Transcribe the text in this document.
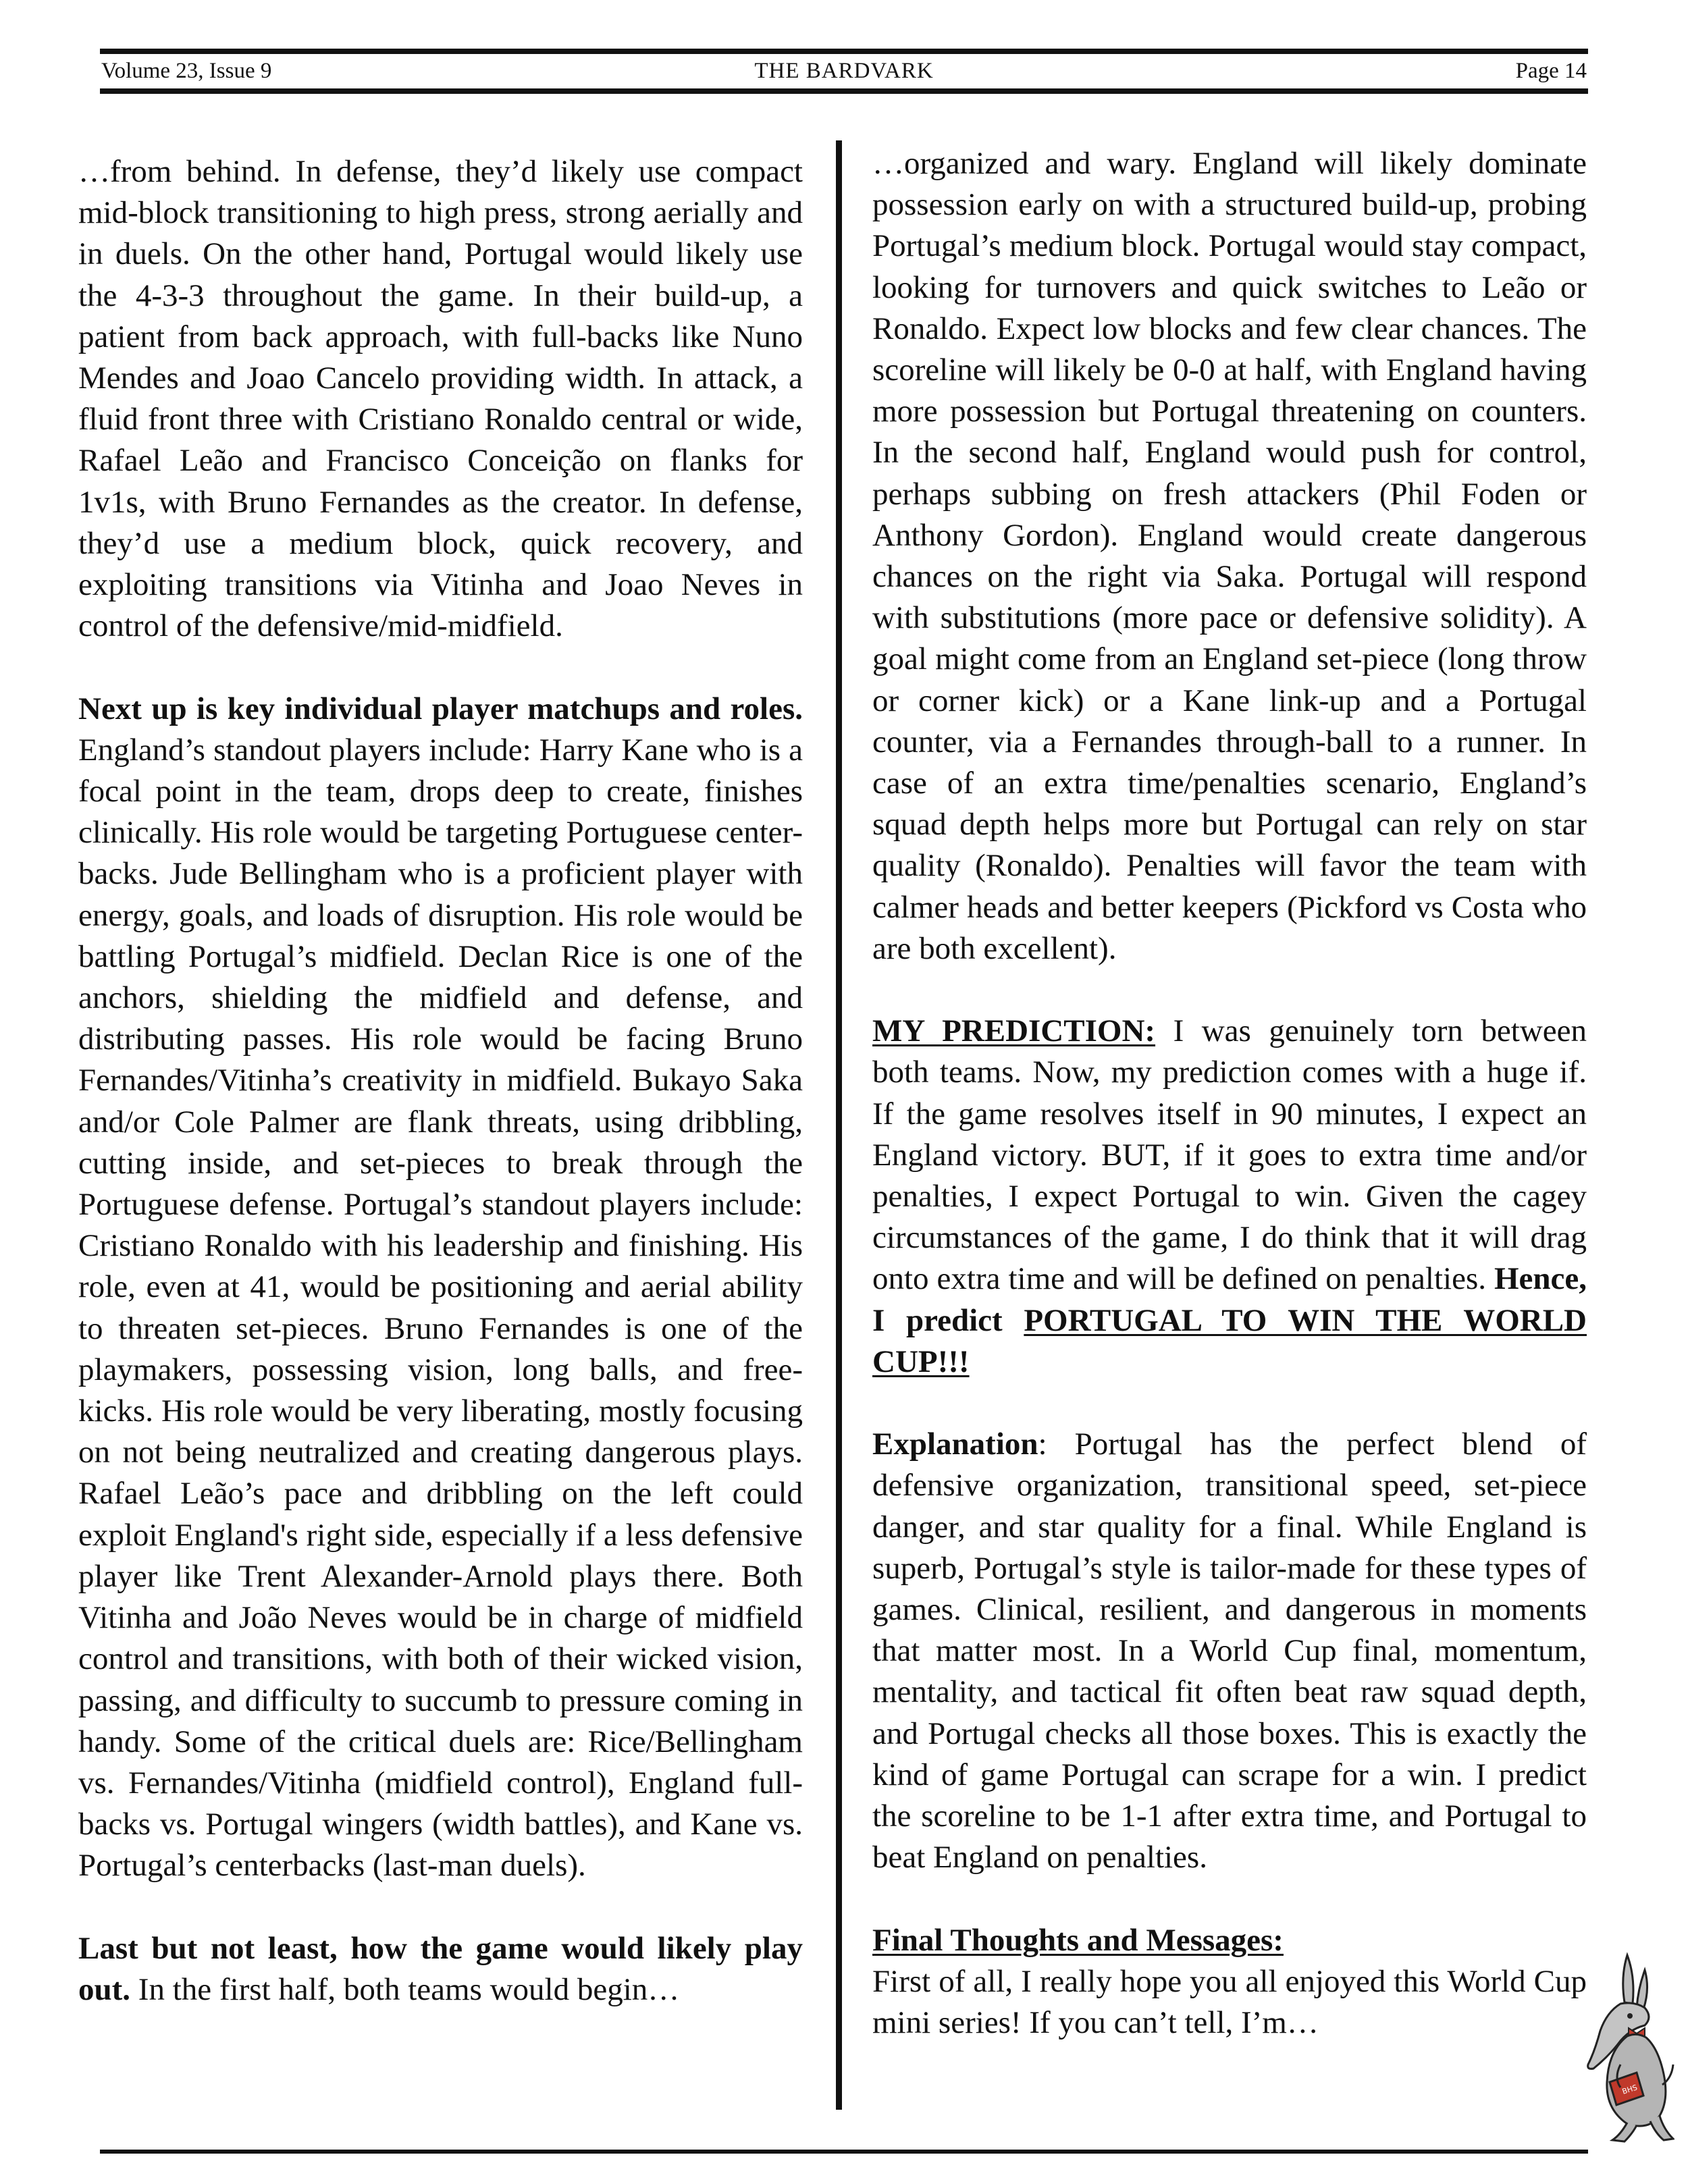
Volume 23, Issue 9	THE BARDVARK	Page 14

…from behind. In defense, they’d likely use compact mid-block transitioning to high press, strong aerially and in duels. On the other hand, Portugal would likely use the 4-3-3 throughout the game. In their build-up, a patient from back approach, with full-backs like Nuno Mendes and Joao Cancelo providing width. In attack, a fluid front three with Cristiano Ronaldo central or wide, Rafael Leão and Francisco Conceição on flanks for 1v1s, with Bruno Fernandes as the creator. In defense, they’d use a medium block, quick recovery, and exploiting transitions via Vitinha and Joao Neves in control of the defensive/mid-midfield.

Next up is key individual player matchups and roles. England’s standout players include: Harry Kane who is a focal point in the team, drops deep to create, finishes clinically. His role would be targeting Portuguese center-backs. Jude Bellingham who is a proficient player with energy, goals, and loads of disruption. His role would be battling Portugal’s midfield. Declan Rice is one of the anchors, shielding the midfield and defense, and distributing passes. His role would be facing Bruno Fernandes/Vitinha’s creativity in midfield. Bukayo Saka and/or Cole Palmer are flank threats, using dribbling, cutting inside, and set-pieces to break through the Portuguese defense. Portugal’s standout players include: Cristiano Ronaldo with his leadership and finishing. His role, even at 41, would be positioning and aerial ability to threaten set-pieces. Bruno Fernandes is one of the playmakers, possessing vision, long balls, and free-kicks. His role would be very liberating, mostly focusing on not being neutralized and creating dangerous plays. Rafael Leão’s pace and dribbling on the left could exploit England's right side, especially if a less defensive player like Trent Alexander-Arnold plays there. Both Vitinha and João Neves would be in charge of midfield control and transitions, with both of their wicked vision, passing, and difficulty to succumb to pressure coming in handy. Some of the critical duels are: Rice/Bellingham vs. Fernandes/Vitinha (midfield control), England full-backs vs. Portugal wingers (width battles), and Kane vs. Portugal’s centerbacks (last-man duels).

Last but not least, how the game would likely play out. In the first half, both teams would begin…

…organized and wary. England will likely dominate possession early on with a structured build-up, probing Portugal’s medium block. Portugal would stay compact, looking for turnovers and quick switches to Leão or Ronaldo. Expect low blocks and few clear chances. The scoreline will likely be 0-0 at half, with England having more possession but Portugal threatening on counters. In the second half, England would push for control, perhaps subbing on fresh attackers (Phil Foden or Anthony Gordon). England would create dangerous chances on the right via Saka. Portugal will respond with substitutions (more pace or defensive solidity). A goal might come from an England set-piece (long throw or corner kick) or a Kane link-up and a Portugal counter, via a Fernandes through-ball to a runner. In case of an extra time/penalties scenario, England’s squad depth helps more but Portugal can rely on star quality (Ronaldo). Penalties will favor the team with calmer heads and better keepers (Pickford vs Costa who are both excellent).

MY PREDICTION: I was genuinely torn between both teams. Now, my prediction comes with a huge if. If the game resolves itself in 90 minutes, I expect an England victory. BUT, if it goes to extra time and/or penalties, I expect Portugal to win. Given the cagey circumstances of the game, I do think that it will drag onto extra time and will be defined on penalties. Hence, I predict PORTUGAL TO WIN THE WORLD CUP!!!

Explanation: Portugal has the perfect blend of defensive organization, transitional speed, set-piece danger, and star quality for a final. While England is superb, Portugal’s style is tailor-made for these types of games. Clinical, resilient, and dangerous in moments that matter most. In a World Cup final, momentum, mentality, and tactical fit often beat raw squad depth, and Portugal checks all those boxes. This is exactly the kind of game Portugal can scrape for a win. I predict the scoreline to be 1-1 after extra time, and Portugal to beat England on penalties.

Final Thoughts and Messages:
First of all, I really hope you all enjoyed this World Cup mini series! If you can’t tell, I’m…

BHS
